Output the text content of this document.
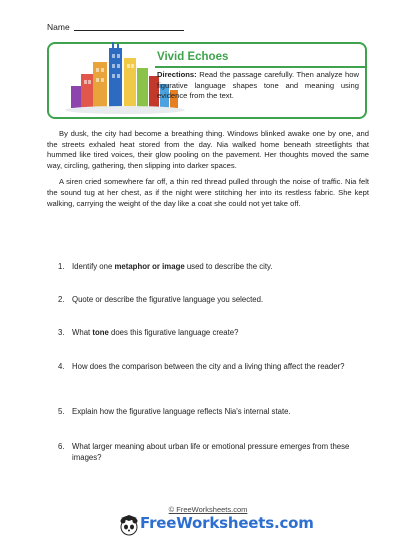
Name
Vivid Echoes
Directions: Read the passage carefully. Then analyze how figurative language shapes tone and meaning using evidence from the text.

By dusk, the city had become a breathing thing. Windows blinked awake one by one, and the streets exhaled heat stored from the day. Nia walked home beneath streetlights that hummed like tired voices, their glow pooling on the pavement. Her thoughts moved the same way, circling, gathering, then slipping into darker spaces.

A siren cried somewhere far off, a thin red thread pulled through the noise of traffic. Nia felt the sound tug at her chest, as if the night were stitching her into its restless fabric. She kept walking, carrying the weight of the day like a coat she could not yet take off.

1. Identify one metaphor or image used to describe the city.
2. Quote or describe the figurative language you selected.
3. What tone does this figurative language create?
4. How does the comparison between the city and a living thing affect the reader?
5. Explain how the figurative language reflects Nia's internal state.
6. What larger meaning about urban life or emotional pressure emerges from these images?
© FreeWorksheets.com
FreeWorksheets.com
